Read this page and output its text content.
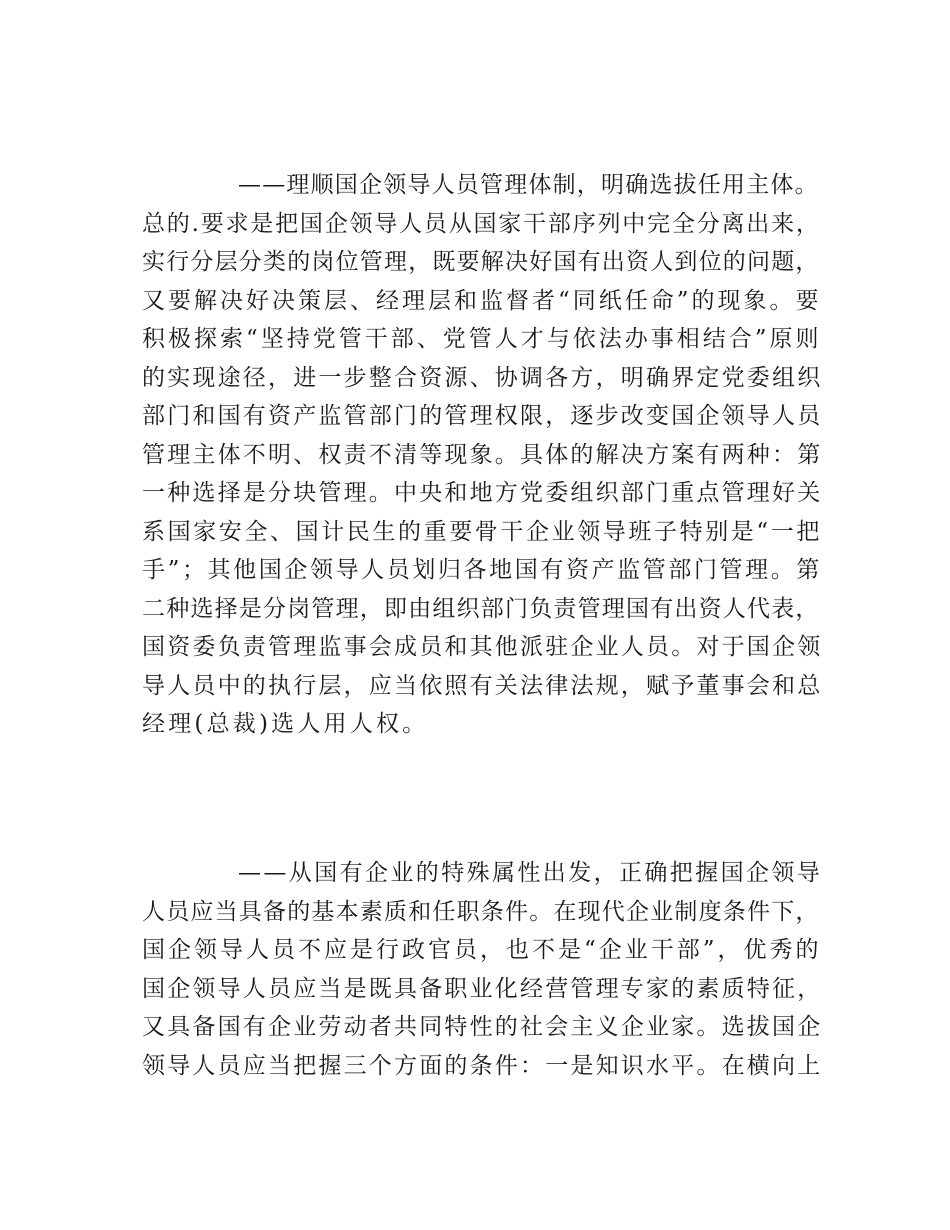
——理顺国企领导人员管理体制，明确选拔任用主体。
总的.要求是把国企领导人员从国家干部序列中完全分离出来，
实行分层分类的岗位管理，既要解决好国有出资人到位的问题，
又要解决好决策层、经理层和监督者“同纸任命”的现象。要
积极探索“坚持党管干部、党管人才与依法办事相结合”原则
的实现途径，进一步整合资源、协调各方，明确界定党委组织
部门和国有资产监管部门的管理权限，逐步改变国企领导人员
管理主体不明、权责不清等现象。具体的解决方案有两种：第
一种选择是分块管理。中央和地方党委组织部门重点管理好关
系国家安全、国计民生的重要骨干企业领导班子特别是“一把
手”；其他国企领导人员划归各地国有资产监管部门管理。第
二种选择是分岗管理，即由组织部门负责管理国有出资人代表，
国资委负责管理监事会成员和其他派驻企业人员。对于国企领
导人员中的执行层，应当依照有关法律法规，赋予董事会和总
经理(总裁)选人用人权。
——从国有企业的特殊属性出发，正确把握国企领导
人员应当具备的基本素质和任职条件。在现代企业制度条件下，
国企领导人员不应是行政官员，也不是“企业干部”，优秀的
国企领导人员应当是既具备职业化经营管理专家的素质特征，
又具备国有企业劳动者共同特性的社会主义企业家。选拔国企
领导人员应当把握三个方面的条件：一是知识水平。在横向上
